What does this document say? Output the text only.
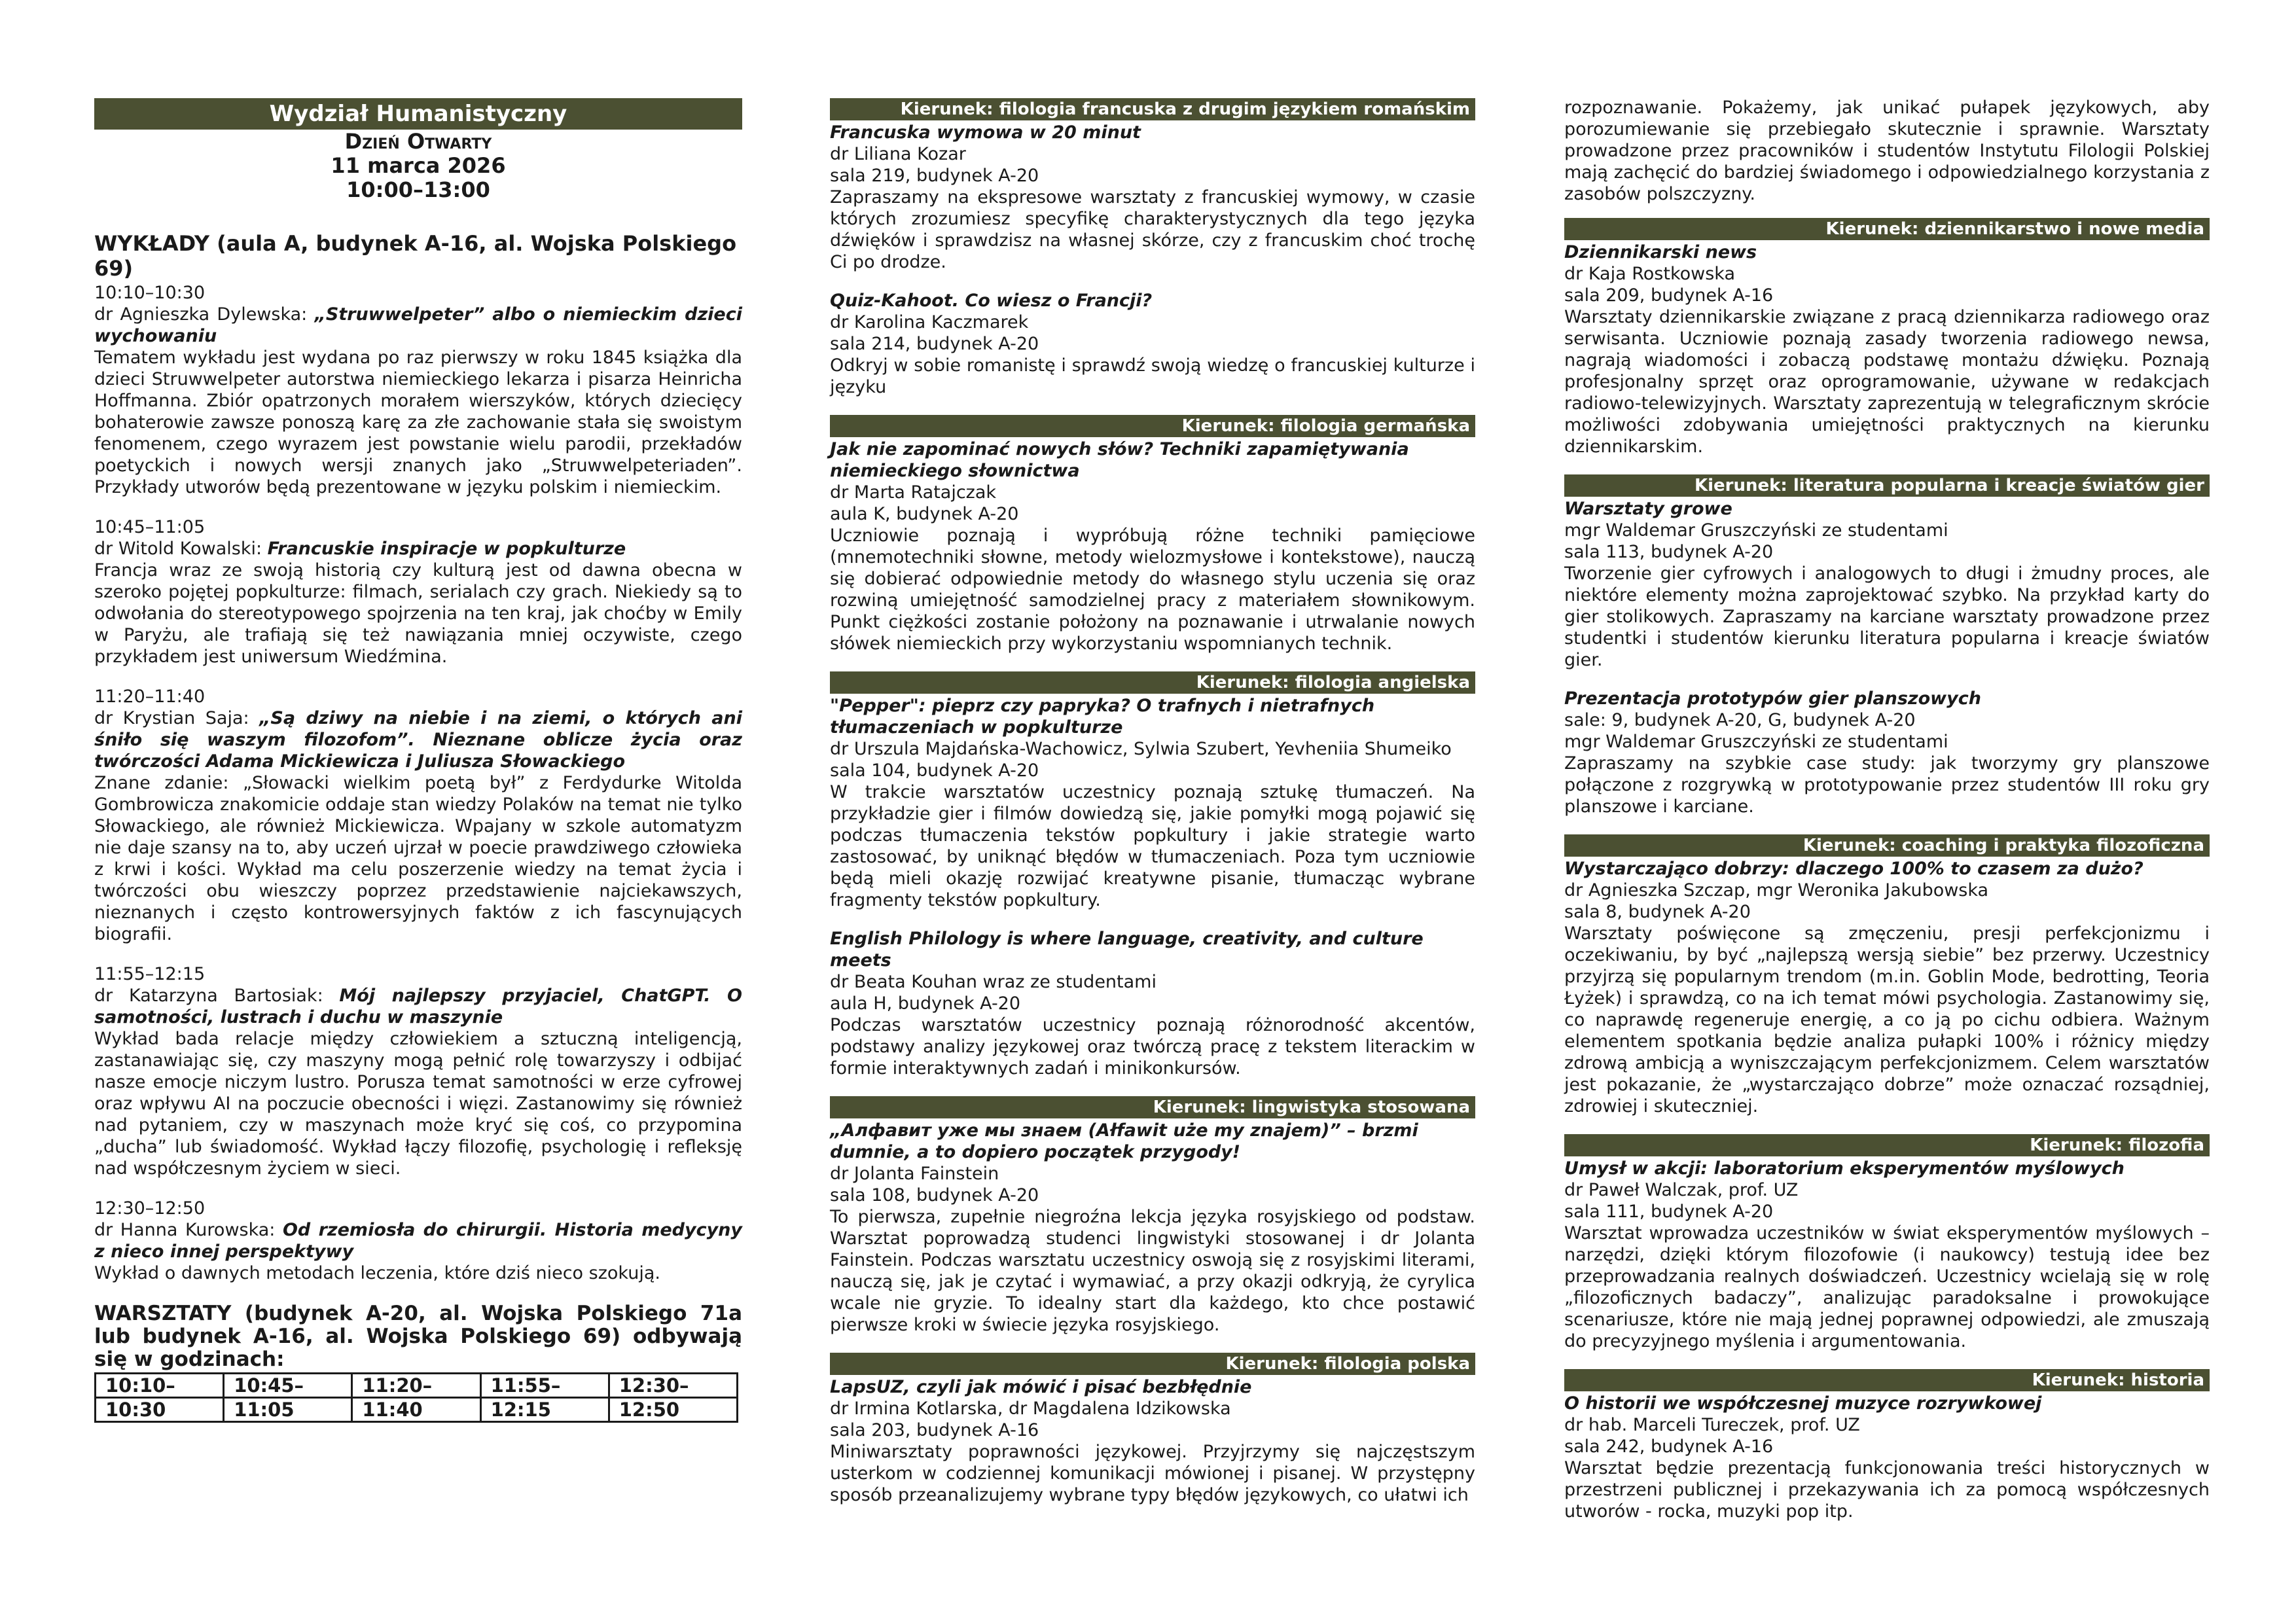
Wydział Humanistyczny
Dzień Otwarty
11 marca 2026
10:00–13:00
WYKŁADY (aula A, budynek A-16, al. Wojska Polskiego 69)
10:10–10:30
dr Agnieszka Dylewska: „Struwwelpeter” albo o niemieckim dzieci wychowaniu
Tematem wykładu jest wydana po raz pierwszy w roku 1845 książka dla dzieci Struwwelpeter autorstwa niemieckiego lekarza i pisarza Heinricha Hoffmanna. Zbiór opatrzonych morałem wierszyków, których dziecięcy bohaterowie zawsze ponoszą karę za złe zachowanie stała się swoistym fenomenem, czego wyrazem jest powstanie wielu parodii, przekładów poetyckich i nowych wersji znanych jako „Struwwelpeteriaden”. Przykłady utworów będą prezentowane w języku polskim i niemieckim.
10:45–11:05
dr Witold Kowalski: Francuskie inspiracje w popkulturze
Francja wraz ze swoją historią czy kulturą jest od dawna obecna w szeroko pojętej popkulturze: filmach, serialach czy grach. Niekiedy są to odwołania do stereotypowego spojrzenia na ten kraj, jak choćby w Emily w Paryżu, ale trafiają się też nawiązania mniej oczywiste, czego przykładem jest uniwersum Wiedźmina.
11:20–11:40
dr Krystian Saja: „Są dziwy na niebie i na ziemi, o których ani śniło się waszym filozofom”. Nieznane oblicze życia oraz twórczości Adama Mickiewicza i Juliusza Słowackiego
Znane zdanie: „Słowacki wielkim poetą był” z Ferdydurke Witolda Gombrowicza znakomicie oddaje stan wiedzy Polaków na temat nie tylko Słowackiego, ale również Mickiewicza. Wpajany w szkole automatyzm nie daje szansy na to, aby uczeń ujrzał w poecie prawdziwego człowieka z krwi i kości. Wykład ma celu poszerzenie wiedzy na temat życia i twórczości obu wieszczy poprzez przedstawienie najciekawszych, nieznanych i często kontrowersyjnych faktów z ich fascynujących biografii.
11:55–12:15
dr Katarzyna Bartosiak: Mój najlepszy przyjaciel, ChatGPT. O samotności, lustrach i duchu w maszynie
Wykład bada relacje między człowiekiem a sztuczną inteligencją, zastanawiając się, czy maszyny mogą pełnić rolę towarzyszy i odbijać nasze emocje niczym lustro. Porusza temat samotności w erze cyfrowej oraz wpływu AI na poczucie obecności i więzi. Zastanowimy się również nad pytaniem, czy w maszynach może kryć się coś, co przypomina „ducha” lub świadomość. Wykład łączy filozofię, psychologię i refleksję nad współczesnym życiem w sieci.
12:30–12:50
dr Hanna Kurowska: Od rzemiosła do chirurgii. Historia medycyny z nieco innej perspektywy
Wykład o dawnych metodach leczenia, które dziś nieco szokują.
WARSZTATY (budynek A-20, al. Wojska Polskiego 71a lub budynek A-16, al. Wojska Polskiego 69) odbywają się w godzinach:
10:10–	10:45–	11:20–	11:55–	12:30–
10:30	11:05	11:40	12:15	12:50
Kierunek: filologia francuska z drugim językiem romańskim
Francuska wymowa w 20 minut
dr Liliana Kozar
sala 219, budynek A-20
Zapraszamy na ekspresowe warsztaty z francuskiej wymowy, w czasie których zrozumiesz specyfikę charakterystycznych dla tego języka dźwięków i sprawdzisz na własnej skórze, czy z francuskim choć trochę Ci po drodze.
Quiz-Kahoot. Co wiesz o Francji?
dr Karolina Kaczmarek
sala 214, budynek A-20
Odkryj w sobie romanistę i sprawdź swoją wiedzę o francuskiej kulturze i języku
Kierunek: filologia germańska
Jak nie zapominać nowych słów? Techniki zapamiętywania niemieckiego słownictwa
dr Marta Ratajczak
aula K, budynek A-20
Uczniowie poznają i wypróbują różne techniki pamięciowe (mnemotechniki słowne, metody wielozmysłowe i kontekstowe), nauczą się dobierać odpowiednie metody do własnego stylu uczenia się oraz rozwiną umiejętność samodzielnej pracy z materiałem słownikowym. Punkt ciężkości zostanie położony na poznawanie i utrwalanie nowych słówek niemieckich przy wykorzystaniu wspomnianych technik.
Kierunek: filologia angielska
"Pepper": pieprz czy papryka? O trafnych i nietrafnych tłumaczeniach w popkulturze
dr Urszula Majdańska-Wachowicz, Sylwia Szubert, Yevheniia Shumeiko
sala 104, budynek A-20
W trakcie warsztatów uczestnicy poznają sztukę tłumaczeń. Na przykładzie gier i filmów dowiedzą się, jakie pomyłki mogą pojawić się podczas tłumaczenia tekstów popkultury i jakie strategie warto zastosować, by uniknąć błędów w tłumaczeniach. Poza tym uczniowie będą mieli okazję rozwijać kreatywne pisanie, tłumacząc wybrane fragmenty tekstów popkultury.
English Philology is where language, creativity, and culture meets
dr Beata Kouhan wraz ze studentami
aula H, budynek A-20
Podczas warsztatów uczestnicy poznają różnorodność akcentów, podstawy analizy językowej oraz twórczą pracę z tekstem literackim w formie interaktywnych zadań i minikonkursów.
Kierunek: lingwistyka stosowana
„Алфавит уже мы знаем (Ałfawit uże my znajem)” – brzmi dumnie, a to dopiero początek przygody!
dr Jolanta Fainstein
sala 108, budynek A-20
To pierwsza, zupełnie niegroźna lekcja języka rosyjskiego od podstaw. Warsztat poprowadzą studenci lingwistyki stosowanej i dr Jolanta Fainstein. Podczas warsztatu uczestnicy oswoją się z rosyjskimi literami, nauczą się, jak je czytać i wymawiać, a przy okazji odkryją, że cyrylica wcale nie gryzie. To idealny start dla każdego, kto chce postawić pierwsze kroki w świecie języka rosyjskiego.
Kierunek: filologia polska
LapsUZ, czyli jak mówić i pisać bezbłędnie
dr Irmina Kotlarska, dr Magdalena Idzikowska
sala 203, budynek A-16
Miniwarsztaty poprawności językowej. Przyjrzymy się najczęstszym usterkom w codziennej komunikacji mówionej i pisanej. W przystępny sposób przeanalizujemy wybrane typy błędów językowych, co ułatwi ich
rozpoznawanie. Pokażemy, jak unikać pułapek językowych, aby porozumiewanie się przebiegało skutecznie i sprawnie. Warsztaty prowadzone przez pracowników i studentów Instytutu Filologii Polskiej mają zachęcić do bardziej świadomego i odpowiedzialnego korzystania z zasobów polszczyzny.
Kierunek: dziennikarstwo i nowe media
Dziennikarski news
dr Kaja Rostkowska
sala 209, budynek A-16
Warsztaty dziennikarskie związane z pracą dziennikarza radiowego oraz serwisanta. Uczniowie poznają zasady tworzenia radiowego newsa, nagrają wiadomości i zobaczą podstawę montażu dźwięku. Poznają profesjonalny sprzęt oraz oprogramowanie, używane w redakcjach radiowo-telewizyjnych. Warsztaty zaprezentują w telegraficznym skrócie możliwości zdobywania umiejętności praktycznych na kierunku dziennikarskim.
Kierunek: literatura popularna i kreacje światów gier
Warsztaty growe
mgr Waldemar Gruszczyński ze studentami
sala 113, budynek A-20
Tworzenie gier cyfrowych i analogowych to długi i żmudny proces, ale niektóre elementy można zaprojektować szybko. Na przykład karty do gier stolikowych. Zapraszamy na karciane warsztaty prowadzone przez studentki i studentów kierunku literatura popularna i kreacje światów gier.
Prezentacja prototypów gier planszowych
sale: 9, budynek A-20, G, budynek A-20
mgr Waldemar Gruszczyński ze studentami
Zapraszamy na szybkie case study: jak tworzymy gry planszowe połączone z rozgrywką w prototypowanie przez studentów III roku gry planszowe i karciane.
Kierunek: coaching i praktyka filozoficzna
Wystarczająco dobrzy: dlaczego 100% to czasem za dużo?
dr Agnieszka Szczap, mgr Weronika Jakubowska
sala 8, budynek A-20
Warsztaty poświęcone są zmęczeniu, presji perfekcjonizmu i oczekiwaniu, by być „najlepszą wersją siebie” bez przerwy. Uczestnicy przyjrzą się popularnym trendom (m.in. Goblin Mode, bedrotting, Teoria Łyżek) i sprawdzą, co na ich temat mówi psychologia. Zastanowimy się, co naprawdę regeneruje energię, a co ją po cichu odbiera. Ważnym elementem spotkania będzie analiza pułapki 100% i różnicy między zdrową ambicją a wyniszczającym perfekcjonizmem. Celem warsztatów jest pokazanie, że „wystarczająco dobrze” może oznaczać rozsądniej, zdrowiej i skuteczniej.
Kierunek: filozofia
Umysł w akcji: laboratorium eksperymentów myślowych
dr Paweł Walczak, prof. UZ
sala 111, budynek A-20
Warsztat wprowadza uczestników w świat eksperymentów myślowych – narzędzi, dzięki którym filozofowie (i naukowcy) testują idee bez przeprowadzania realnych doświadczeń. Uczestnicy wcielają się w rolę „filozoficznych badaczy”, analizując paradoksalne i prowokujące scenariusze, które nie mają jednej poprawnej odpowiedzi, ale zmuszają do precyzyjnego myślenia i argumentowania.
Kierunek: historia
O historii we współczesnej muzyce rozrywkowej
dr hab. Marceli Tureczek, prof. UZ
sala 242, budynek A-16
Warsztat będzie prezentacją funkcjonowania treści historycznych w przestrzeni publicznej i przekazywania ich za pomocą współczesnych utworów - rocka, muzyki pop itp.
